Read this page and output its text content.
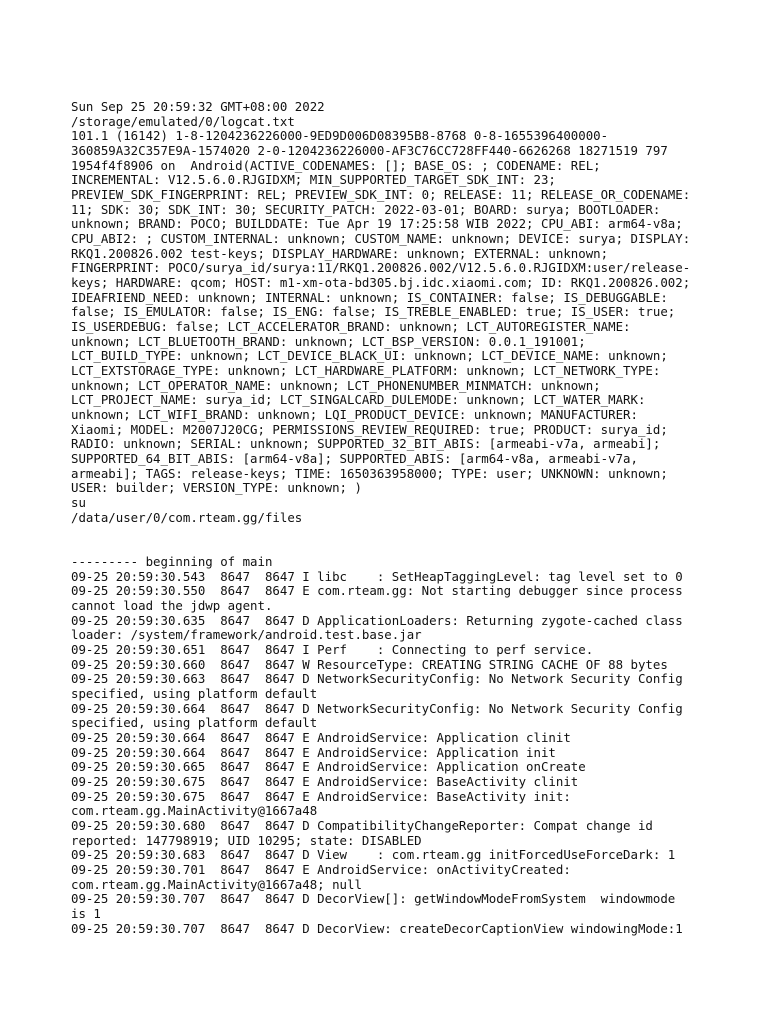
Sun Sep 25 20:59:32 GMT+08:00 2022
/storage/emulated/0/logcat.txt
101.1 (16142) 1-8-1204236226000-9ED9D006D08395B8-8768 0-8-1655396400000-
360859A32C357E9A-1574020 2-0-1204236226000-AF3C76CC728FF440-6626268 18271519 797
1954f4f8906 on  Android(ACTIVE_CODENAMES: []; BASE_OS: ; CODENAME: REL;
INCREMENTAL: V12.5.6.0.RJGIDXM; MIN_SUPPORTED_TARGET_SDK_INT: 23;
PREVIEW_SDK_FINGERPRINT: REL; PREVIEW_SDK_INT: 0; RELEASE: 11; RELEASE_OR_CODENAME:
11; SDK: 30; SDK_INT: 30; SECURITY_PATCH: 2022-03-01; BOARD: surya; BOOTLOADER:
unknown; BRAND: POCO; BUILDDATE: Tue Apr 19 17:25:58 WIB 2022; CPU_ABI: arm64-v8a;
CPU_ABI2: ; CUSTOM_INTERNAL: unknown; CUSTOM_NAME: unknown; DEVICE: surya; DISPLAY:
RKQ1.200826.002 test-keys; DISPLAY_HARDWARE: unknown; EXTERNAL: unknown;
FINGERPRINT: POCO/surya_id/surya:11/RKQ1.200826.002/V12.5.6.0.RJGIDXM:user/release-
keys; HARDWARE: qcom; HOST: m1-xm-ota-bd305.bj.idc.xiaomi.com; ID: RKQ1.200826.002;
IDEAFRIEND_NEED: unknown; INTERNAL: unknown; IS_CONTAINER: false; IS_DEBUGGABLE:
false; IS_EMULATOR: false; IS_ENG: false; IS_TREBLE_ENABLED: true; IS_USER: true;
IS_USERDEBUG: false; LCT_ACCELERATOR_BRAND: unknown; LCT_AUTOREGISTER_NAME:
unknown; LCT_BLUETOOTH_BRAND: unknown; LCT_BSP_VERSION: 0.0.1_191001;
LCT_BUILD_TYPE: unknown; LCT_DEVICE_BLACK_UI: unknown; LCT_DEVICE_NAME: unknown;
LCT_EXTSTORAGE_TYPE: unknown; LCT_HARDWARE_PLATFORM: unknown; LCT_NETWORK_TYPE:
unknown; LCT_OPERATOR_NAME: unknown; LCT_PHONENUMBER_MINMATCH: unknown;
LCT_PROJECT_NAME: surya_id; LCT_SINGALCARD_DULEMODE: unknown; LCT_WATER_MARK:
unknown; LCT_WIFI_BRAND: unknown; LQI_PRODUCT_DEVICE: unknown; MANUFACTURER:
Xiaomi; MODEL: M2007J20CG; PERMISSIONS_REVIEW_REQUIRED: true; PRODUCT: surya_id;
RADIO: unknown; SERIAL: unknown; SUPPORTED_32_BIT_ABIS: [armeabi-v7a, armeabi];
SUPPORTED_64_BIT_ABIS: [arm64-v8a]; SUPPORTED_ABIS: [arm64-v8a, armeabi-v7a,
armeabi]; TAGS: release-keys; TIME: 1650363958000; TYPE: user; UNKNOWN: unknown;
USER: builder; VERSION_TYPE: unknown; )
su
/data/user/0/com.rteam.gg/files
--------- beginning of main
09-25 20:59:30.543  8647  8647 I libc    : SetHeapTaggingLevel: tag level set to 0
09-25 20:59:30.550  8647  8647 E com.rteam.gg: Not starting debugger since process
cannot load the jdwp agent.
09-25 20:59:30.635  8647  8647 D ApplicationLoaders: Returning zygote-cached class
loader: /system/framework/android.test.base.jar
09-25 20:59:30.651  8647  8647 I Perf    : Connecting to perf service.
09-25 20:59:30.660  8647  8647 W ResourceType: CREATING STRING CACHE OF 88 bytes
09-25 20:59:30.663  8647  8647 D NetworkSecurityConfig: No Network Security Config
specified, using platform default
09-25 20:59:30.664  8647  8647 D NetworkSecurityConfig: No Network Security Config
specified, using platform default
09-25 20:59:30.664  8647  8647 E AndroidService: Application clinit
09-25 20:59:30.664  8647  8647 E AndroidService: Application init
09-25 20:59:30.665  8647  8647 E AndroidService: Application onCreate
09-25 20:59:30.675  8647  8647 E AndroidService: BaseActivity clinit
09-25 20:59:30.675  8647  8647 E AndroidService: BaseActivity init:
com.rteam.gg.MainActivity@1667a48
09-25 20:59:30.680  8647  8647 D CompatibilityChangeReporter: Compat change id
reported: 147798919; UID 10295; state: DISABLED
09-25 20:59:30.683  8647  8647 D View    : com.rteam.gg initForcedUseForceDark: 1
09-25 20:59:30.701  8647  8647 E AndroidService: onActivityCreated:
com.rteam.gg.MainActivity@1667a48; null
09-25 20:59:30.707  8647  8647 D DecorView[]: getWindowModeFromSystem  windowmode
is 1
09-25 20:59:30.707  8647  8647 D DecorView: createDecorCaptionView windowingMode:1
